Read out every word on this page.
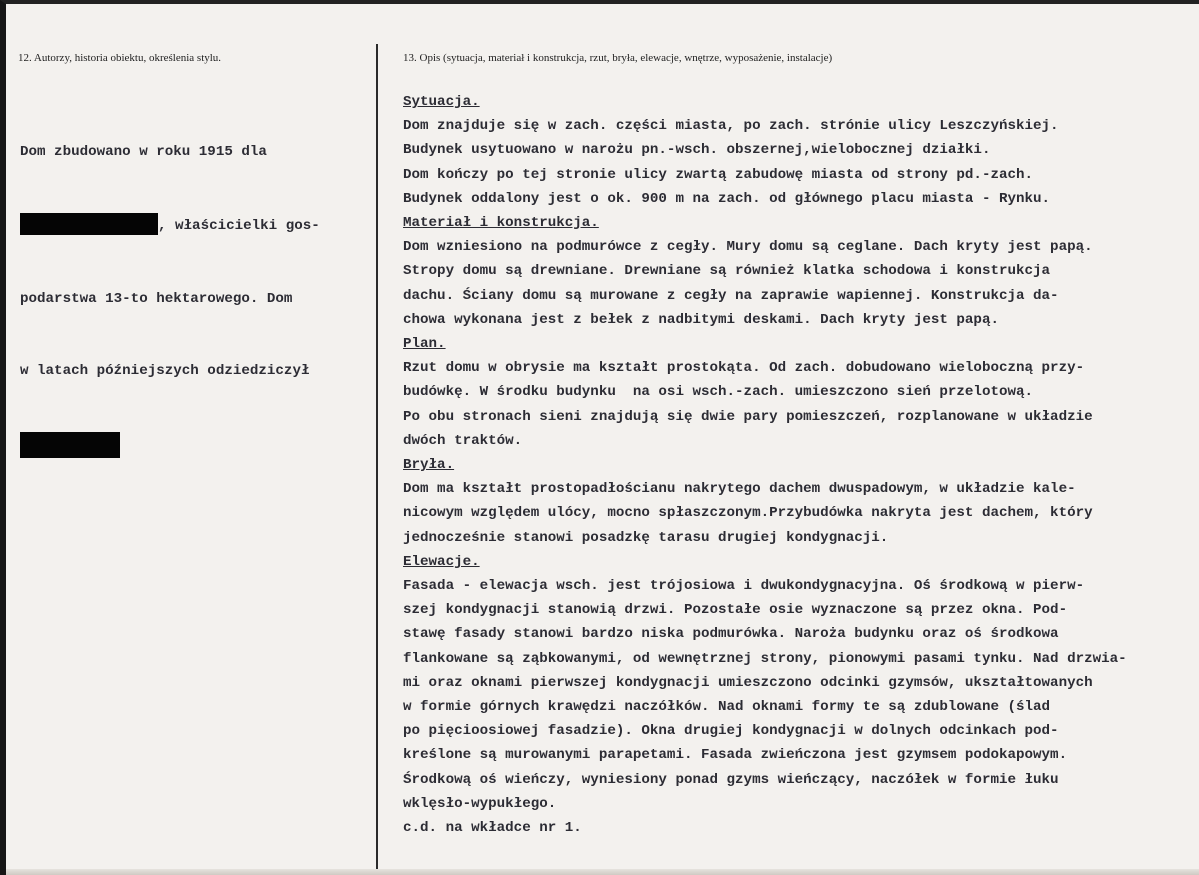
12. Autorzy, historia obiektu, określenia stylu.	13. Opis (sytuacja, materiał i konstrukcja, rzut, bryła, elewacje, wnętrze, wyposażenie, instalacje)

Dom zbudowano w roku 1915 dla

, właścicielki gos-

podarstwa 13-to hektarowego. Dom

w latach późniejszych odziedziczył

Sytuacja.
Dom znajduje się w zach. części miasta, po zach. strónie ulicy Leszczyńskiej.
Budynek usytuowano w narożu pn.-wsch. obszernej,wielobocznej działki.
Dom kończy po tej stronie ulicy zwartą zabudowę miasta od strony pd.-zach.
Budynek oddalony jest o ok. 900 m na zach. od głównego placu miasta - Rynku.
Materiał i konstrukcja.
Dom wzniesiono na podmurówce z cegły. Mury domu są ceglane. Dach kryty jest papą.
Stropy domu są drewniane. Drewniane są również klatka schodowa i konstrukcja
dachu. Ściany domu są murowane z cegły na zaprawie wapiennej. Konstrukcja da-
chowa wykonana jest z bełek z nadbitymi deskami. Dach kryty jest papą.
Plan.
Rzut domu w obrysie ma kształt prostokąta. Od zach. dobudowano wieloboczną przy-
budówkę. W środku budynku  na osi wsch.-zach. umieszczono sień przelotową.
Po obu stronach sieni znajdują się dwie pary pomieszczeń, rozplanowane w układzie
dwóch traktów.
Bryła.
Dom ma kształt prostopadłościanu nakrytego dachem dwuspadowym, w układzie kale-
nicowym względem ulócy, mocno spłaszczonym.Przybudówka nakryta jest dachem, który
jednocześnie stanowi posadzkę tarasu drugiej kondygnacji.
Elewacje.
Fasada - elewacja wsch. jest trójosiowa i dwukondygnacyjna. Oś środkową w pierw-
szej kondygnacji stanowią drzwi. Pozostałe osie wyznaczone są przez okna. Pod-
stawę fasady stanowi bardzo niska podmurówka. Naroża budynku oraz oś środkowa
flankowane są ząbkowanymi, od wewnętrznej strony, pionowymi pasami tynku. Nad drzwia-
mi oraz oknami pierwszej kondygnacji umieszczono odcinki gzymsów, ukształtowanych
w formie górnych krawędzi naczółków. Nad oknami formy te są zdublowane (ślad
po pięcioosiowej fasadzie). Okna drugiej kondygnacji w dolnych odcinkach pod-
kreślone są murowanymi parapetami. Fasada zwieńczona jest gzymsem podokapowym.
Środkową oś wieńczy, wyniesiony ponad gzyms wieńczący, naczółek w formie łuku
wklęsło-wypukłego.
c.d. na wkładce nr 1.
